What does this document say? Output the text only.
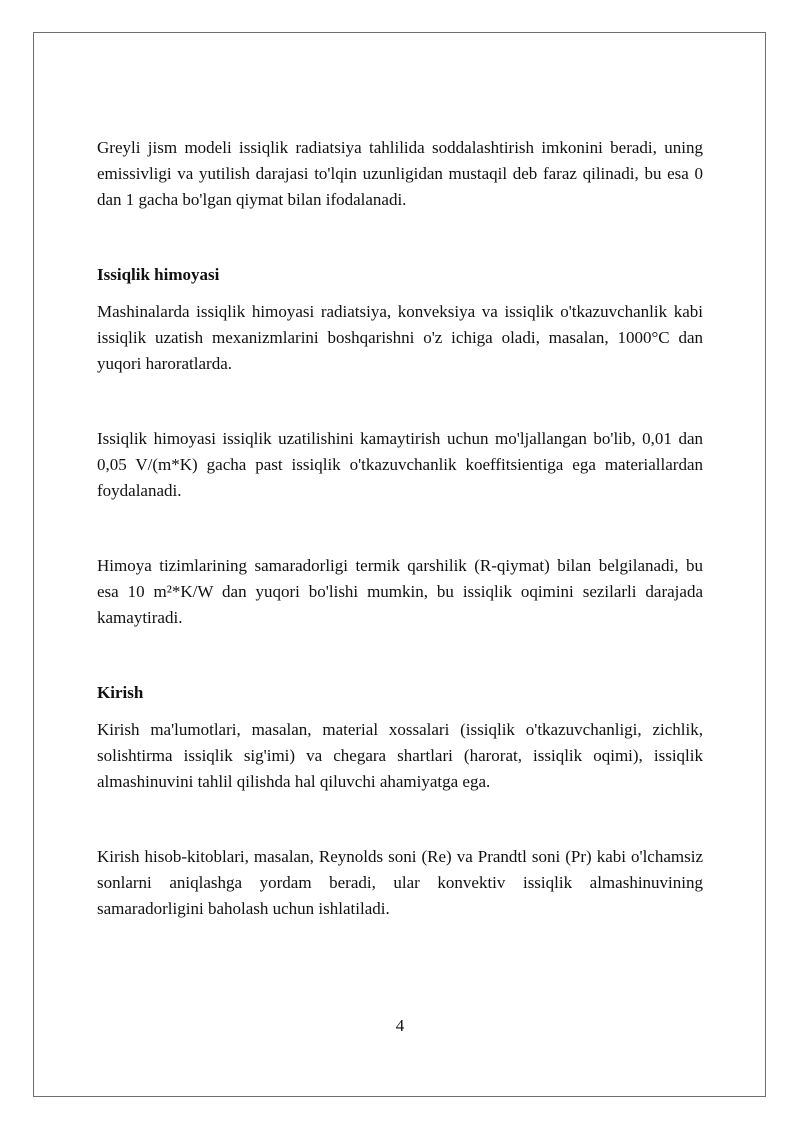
Greyli jism modeli issiqlik radiatsiya tahlilida soddalashtirish imkonini beradi, uning emissivligi va yutilish darajasi to'lqin uzunligidan mustaqil deb faraz qilinadi, bu esa 0 dan 1 gacha bo'lgan qiymat bilan ifodalanadi.

Issiqlik himoyasi

Mashinalarda issiqlik himoyasi radiatsiya, konveksiya va issiqlik o'tkazuvchanlik kabi issiqlik uzatish mexanizmlarini boshqarishni o'z ichiga oladi, masalan, 1000°C dan yuqori haroratlarda.

Issiqlik himoyasi issiqlik uzatilishini kamaytirish uchun mo'ljallangan bo'lib, 0,01 dan 0,05 V/(m*K) gacha past issiqlik o'tkazuvchanlik koeffitsientiga ega materiallardan foydalanadi.

Himoya tizimlarining samaradorligi termik qarshilik (R-qiymat) bilan belgilanadi, bu esa 10 m²*K/W dan yuqori bo'lishi mumkin, bu issiqlik oqimini sezilarli darajada kamaytiradi.

Kirish

Kirish ma'lumotlari, masalan, material xossalari (issiqlik o'tkazuvchanligi, zichlik, solishtirma issiqlik sig'imi) va chegara shartlari (harorat, issiqlik oqimi), issiqlik almashinuvini tahlil qilishda hal qiluvchi ahamiyatga ega.

Kirish hisob-kitoblari, masalan, Reynolds soni (Re) va Prandtl soni (Pr) kabi o'lchamsiz sonlarni aniqlashga yordam beradi, ular konvektiv issiqlik almashinuvining samaradorligini baholash uchun ishlatiladi.

4
